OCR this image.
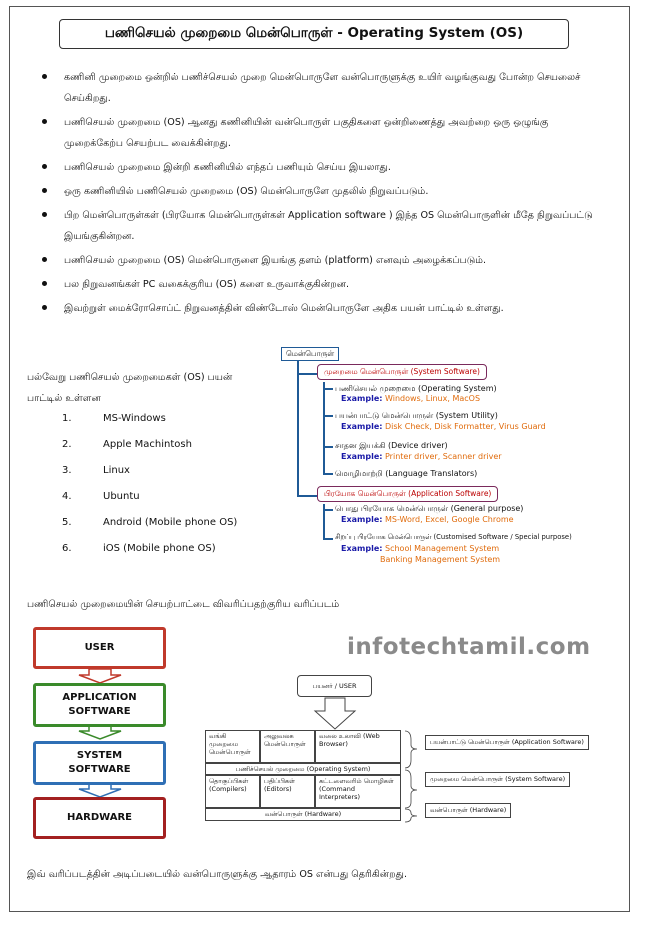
பணிசெயல் முறைமை மென்பொருள் - Operating System (OS)
கணினி முறைமை ஒன்றில் பணிச்செயல் முறை மென்பொருளே வன்பொருளுக்கு உயிர் வழங்குவது போன்ற செயலைச் செய்கிறது.
பணிசெயல் முறைமை (OS) ஆனது கணினியின் வன்பொருள் பகுதிகளை ஒன்றிணைத்து அவற்றை ஒரு ஒழுங்கு முறைக்கேற்ப செயற்பட வைக்கின்றது.
பணிசெயல் முறைமை இன்றி கணினியில் எந்தப் பணியும் செய்ய இயலாது.
ஒரு கணினியில் பணிசெயல் முறைமை (OS) மென்பொருளே முதலில் நிறுவப்படும்.
பிற மென்பொருள்கள் (பிரயோக மென்பொருள்கள் Application software ) இந்த OS மென்பொருளின் மீதே நிறுவப்பட்டு இயங்குகின்றன.
பணிசெயல் முறைமை (OS) மென்பொருளை இயங்கு தளம் (platform) எனவும் அழைக்கப்படும்.
பல நிறுவனங்கள் PC வகைக்குரிய (OS) களை உருவாக்குகின்றன.
இவற்றுள் மைக்ரோசொப்ட் நிறுவனத்தின் விண்டோஸ் மென்பொருளே அதிக பயன் பாட்டில் உள்ளது.
பல்வேறு பணிசெயல் முறைமைகள் (OS) பயன் பாட்டில் உள்ளன
1.	MS-Windows
2.	Apple Machintosh
3.	Linux
4.	Ubuntu
5.	Android (Mobile phone OS)
6.	iOS (Mobile phone OS)
மென்பொருள்
முறைமை மென்பொருள் (System Software)
பணிசெயல் முறைமை (Operating System)
Example: Windows, Linux, MacOS
பயன்பாட்டு மென்பொருள் (System Utility)
Example: Disk Check, Disk Formatter, Virus Guard
சாதன இயக்கி (Device driver)
Example: Printer driver, Scanner driver
மொழிமாற்றி (Language Translators)
பிரயோக மென்பொருள் (Application Software)
பொது பிரயோக மென்பொருள் (General purpose)
Example: MS-Word, Excel, Google Chrome
சிறப்பு பிரயோக மென்பொருள் (Customised Software / Special purpose)
Example: School Management System
Banking Management System
பணிசெயல் முறைமையின் செயற்பாட்டை விவரிப்பதற்குரிய வரிப்படம்
USER
APPLICATION SOFTWARE
SYSTEM SOFTWARE
HARDWARE
infotechtamil.com
பயனர் / USER
வங்கி முறைமை மென்பொருள்
அலுவலக மென்பொருள்
வலை உலாவி (Web Browser)
பணிச்செயல் முறைமை (Operating System)
தொகுப்பிகள் (Compilers)
பதிப்பிகள் (Editors)
கட்டளைவரிம் மொழிகள் (Command Interpreters)
வன்பொருள் (Hardware)
பயன்பாட்டு மென்பொருள் (Application Software)
முறைமை மென்பொருள் (System Software)
வன்பொருள் (Hardware)
இவ் வரிப்படத்தின் அடிப்படையில் வன்பொருளுக்கு ஆதாரம் OS என்பது தெரிகின்றது.
